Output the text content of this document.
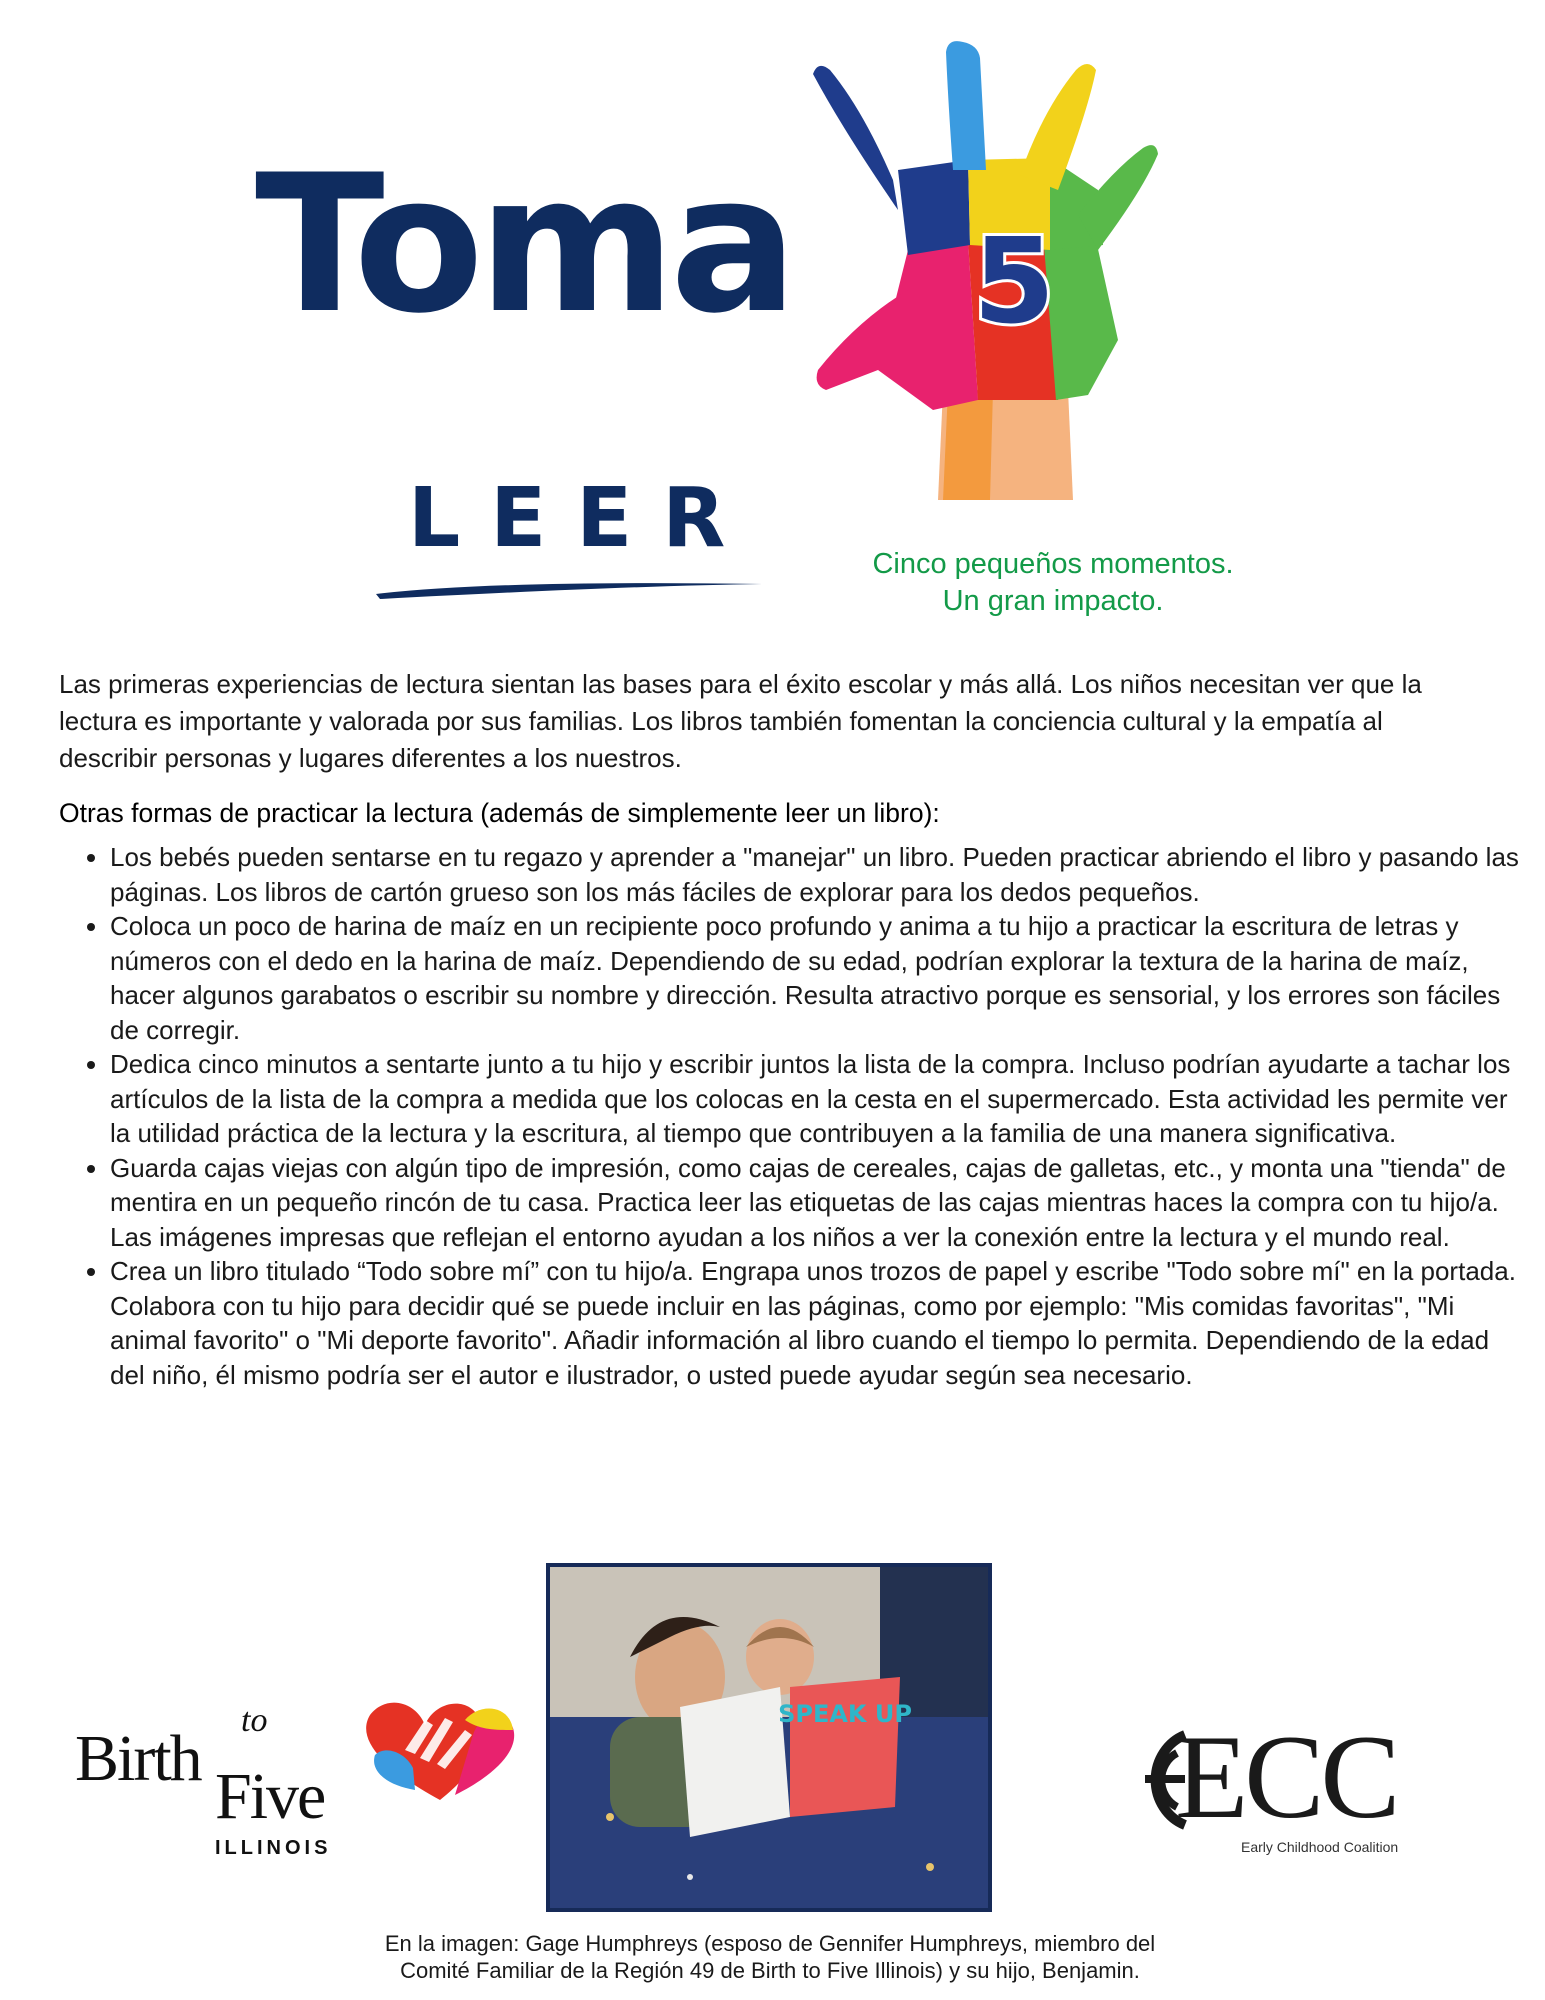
Toma 5
LEER	Cinco pequeños momentos.
Un gran impacto.

Las primeras experiencias de lectura sientan las bases para el éxito escolar y más allá. Los niños necesitan ver que la lectura es importante y valorada por sus familias. Los libros también fomentan la conciencia cultural y la empatía al describir personas y lugares diferentes a los nuestros.

Otras formas de practicar la lectura (además de simplemente leer un libro):

• Los bebés pueden sentarse en tu regazo y aprender a "manejar" un libro. Pueden practicar abriendo el libro y pasando las páginas. Los libros de cartón grueso son los más fáciles de explorar para los dedos pequeños.
• Coloca un poco de harina de maíz en un recipiente poco profundo y anima a tu hijo a practicar la escritura de letras y números con el dedo en la harina de maíz. Dependiendo de su edad, podrían explorar la textura de la harina de maíz, hacer algunos garabatos o escribir su nombre y dirección. Resulta atractivo porque es sensorial, y los errores son fáciles de corregir.
• Dedica cinco minutos a sentarte junto a tu hijo y escribir juntos la lista de la compra. Incluso podrían ayudarte a tachar los artículos de la lista de la compra a medida que los colocas en la cesta en el supermercado. Esta actividad les permite ver la utilidad práctica de la lectura y la escritura, al tiempo que contribuyen a la familia de una manera significativa.
• Guarda cajas viejas con algún tipo de impresión, como cajas de cereales, cajas de galletas, etc., y monta una "tienda" de mentira en un pequeño rincón de tu casa. Practica leer las etiquetas de las cajas mientras haces la compra con tu hijo/a. Las imágenes impresas que reflejan el entorno ayudan a los niños a ver la conexión entre la lectura y el mundo real.
• Crea un libro titulado “Todo sobre mí” con tu hijo/a. Engrapa unos trozos de papel y escribe "Todo sobre mí" en la portada. Colabora con tu hijo para decidir qué se puede incluir en las páginas, como por ejemplo: "Mis comidas favoritas", "Mi animal favorito" o "Mi deporte favorito". Añadir información al libro cuando el tiempo lo permita. Dependiendo de la edad del niño, él mismo podría ser el autor e ilustrador, o usted puede ayudar según sea necesario.
Birth
to
Five
ILLINOIS
SPEAK UP
En la imagen: Gage Humphreys (esposo de Gennifer Humphreys, miembro del
Comité Familiar de la Región 49 de Birth to Five Illinois) y su hijo, Benjamin.
ECC
Early Childhood Coalition
